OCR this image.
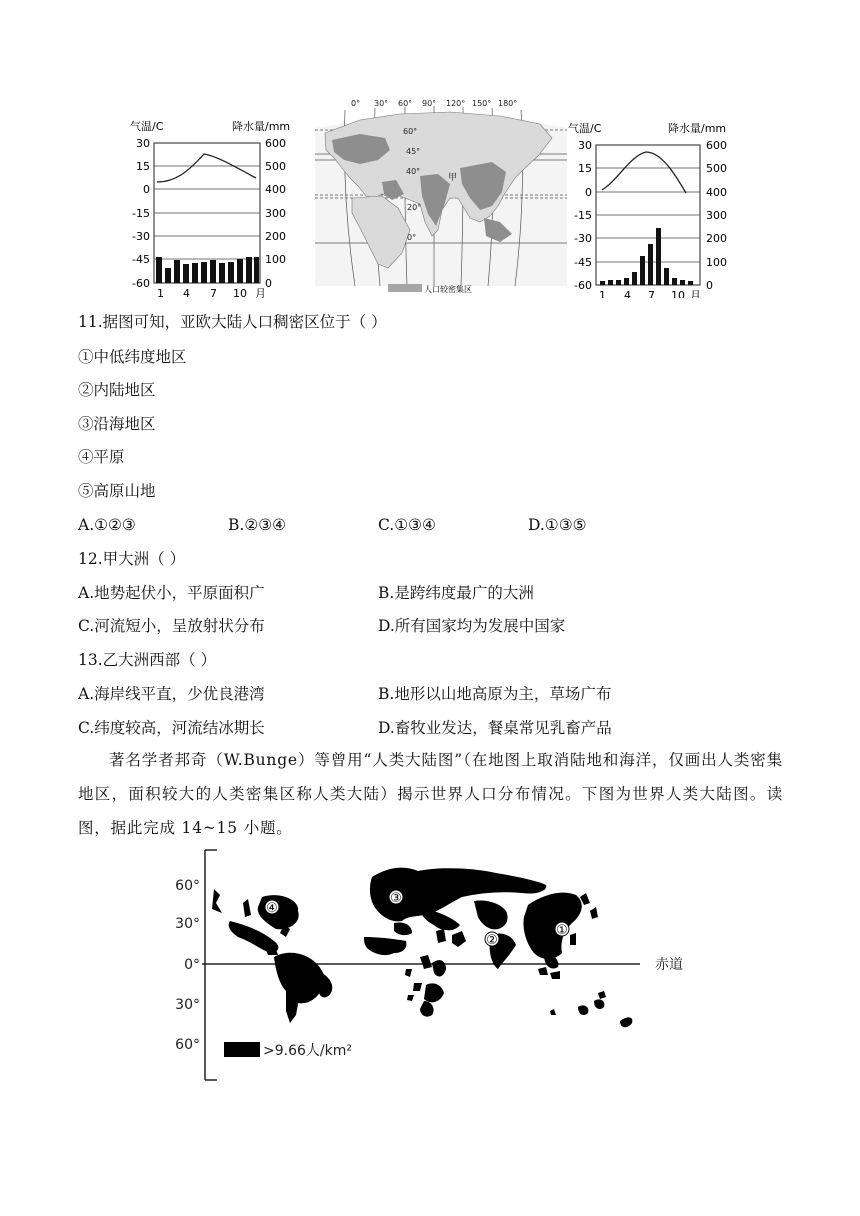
气温/C	降水量/mm
30
15
0
-15
-30
-45
-60
600
500
400
300
200
100
0
1 4 7 10 月
0° 30° 60° 90° 120° 150° 180°
60°
45°
40°
20°
0°
甲
人口较密集区
气温/C	降水量/mm
30
15
0
-15
-30
-45
-60
600
500
400
300
200
100
0
1 4 7 10 月
11.据图可知，亚欧大陆人口稠密区位于（ ）
①中低纬度地区
②内陆地区
③沿海地区
④平原
⑤高原山地
A.①②③	B.②③④	C.①③④	D.①③⑤
12.甲大洲（ ）
A.地势起伏小，平原面积广	B.是跨纬度最广的大洲
C.河流短小，呈放射状分布	D.所有国家均为发展中国家
13.乙大洲西部（ ）
A.海岸线平直，少优良港湾	B.地形以山地高原为主，草场广布
C.纬度较高，河流结冰期长	D.畜牧业发达，餐桌常见乳畜产品
著名学者邦奇（W.Bunge）等曾用“人类大陆图”（在地图上取消陆地和海洋，仅画出人类密集地区，面积较大的人类密集区称人类大陆）揭示世界人口分布情况。下图为世界人类大陆图。读图，据此完成 14~15 小题。
60°
30°
0°
30°
60°
赤道
①
②
③
④
>9.66人/km²
